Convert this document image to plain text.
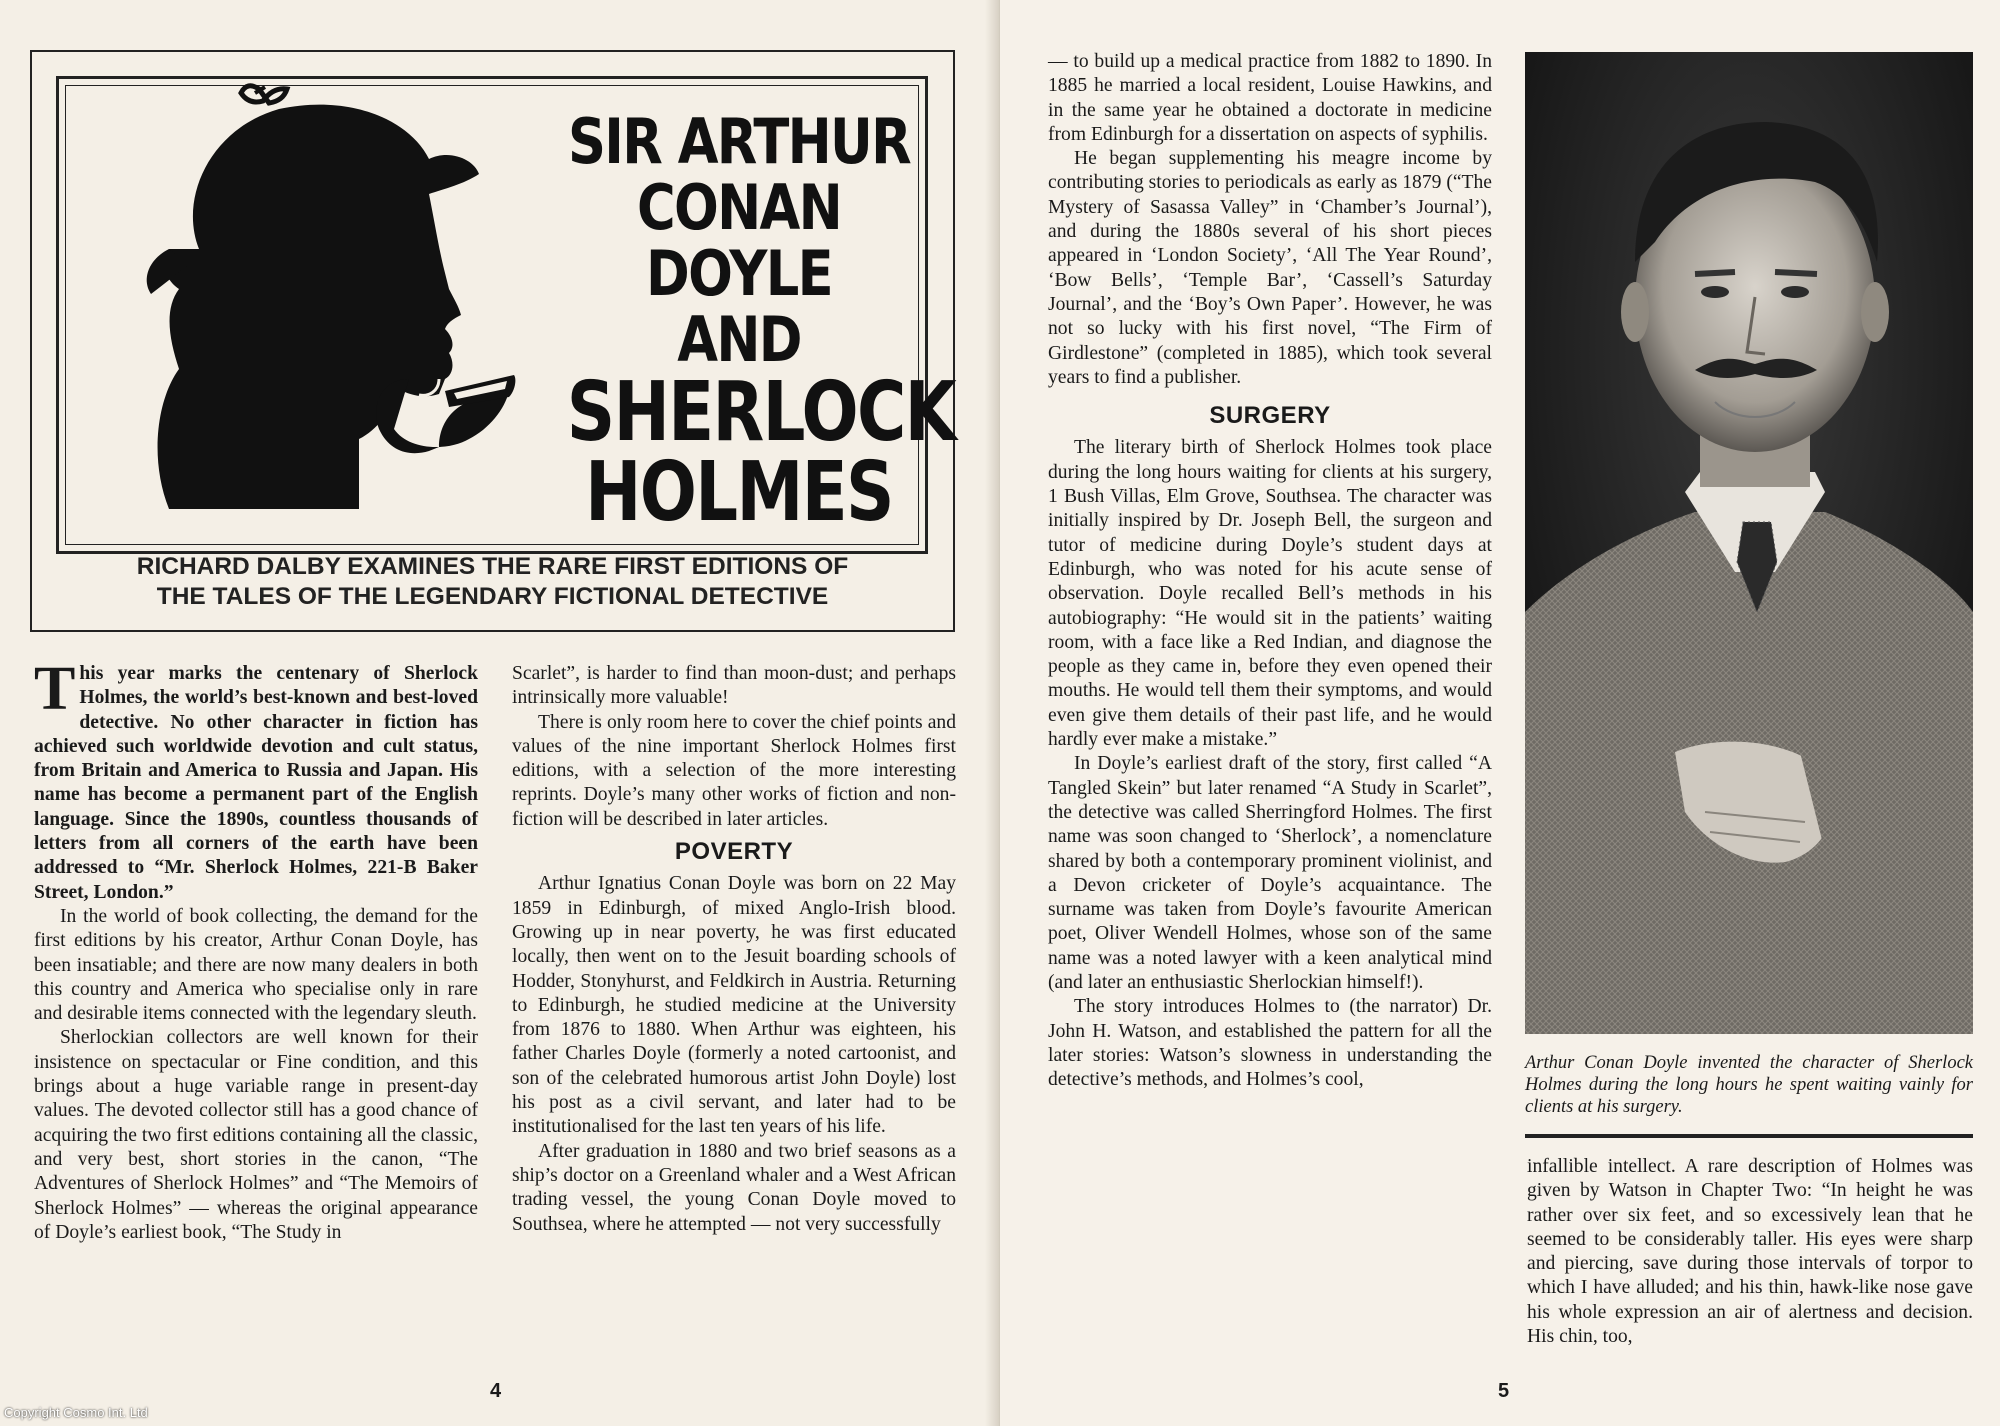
SIR ARTHUR
CONAN DOYLE
AND
SHERLOCK
HOLMES
RICHARD DALBY EXAMINES THE RARE FIRST EDITIONS OF
THE TALES OF THE LEGENDARY FICTIONAL DETECTIVE

This year marks the centenary of Sherlock Holmes, the world’s best-known and best-loved detective. No other character in fiction has achieved such worldwide devotion and cult status, from Britain and America to Russia and Japan. His name has become a permanent part of the English language. Since the 1890s, countless thousands of letters from all corners of the earth have been addressed to “Mr. Sherlock Holmes, 221-B Baker Street, London.”

In the world of book collecting, the demand for the first editions by his creator, Arthur Conan Doyle, has been insatiable; and there are now many dealers in both this country and America who specialise only in rare and desirable items connected with the legendary sleuth.

Sherlockian collectors are well known for their insistence on spectacular or Fine condition, and this brings about a huge variable range in present-day values. The devoted collector still has a good chance of acquiring the two first editions containing all the classic, and very best, short stories in the canon, “The Adventures of Sherlock Holmes” and “The Memoirs of Sherlock Holmes” — whereas the original appearance of Doyle’s earliest book, “The Study in

Scarlet”, is harder to find than moon-dust; and perhaps intrinsically more valuable!

There is only room here to cover the chief points and values of the nine important Sherlock Holmes first editions, with a selection of the more interesting reprints. Doyle’s many other works of fiction and non-fiction will be described in later articles.

POVERTY

Arthur Ignatius Conan Doyle was born on 22 May 1859 in Edinburgh, of mixed Anglo-Irish blood. Growing up in near poverty, he was first educated locally, then went on to the Jesuit boarding schools of Hodder, Stonyhurst, and Feldkirch in Austria. Returning to Edinburgh, he studied medicine at the University from 1876 to 1880. When Arthur was eighteen, his father Charles Doyle (formerly a noted cartoonist, and son of the celebrated humorous artist John Doyle) lost his post as a civil servant, and later had to be institutionalised for the last ten years of his life.

After graduation in 1880 and two brief seasons as a ship’s doctor on a Greenland whaler and a West African trading vessel, the young Conan Doyle moved to Southsea, where he attempted — not very successfully

4

— to build up a medical practice from 1882 to 1890. In 1885 he married a local resident, Louise Hawkins, and in the same year he obtained a doctorate in medicine from Edinburgh for a dissertation on aspects of syphilis.

He began supplementing his meagre income by contributing stories to periodicals as early as 1879 (“The Mystery of Sasassa Valley” in ‘Chamber’s Journal’), and during the 1880s several of his short pieces appeared in ‘London Society’, ‘All The Year Round’, ‘Bow Bells’, ‘Temple Bar’, ‘Cassell’s Saturday Journal’, and the ‘Boy’s Own Paper’. However, he was not so lucky with his first novel, “The Firm of Girdlestone” (completed in 1885), which took several years to find a publisher.

SURGERY

The literary birth of Sherlock Holmes took place during the long hours waiting for clients at his surgery, 1 Bush Villas, Elm Grove, Southsea. The character was initially inspired by Dr. Joseph Bell, the surgeon and tutor of medicine during Doyle’s student days at Edinburgh, who was noted for his acute sense of observation. Doyle recalled Bell’s methods in his autobiography: “He would sit in the patients’ waiting room, with a face like a Red Indian, and diagnose the people as they came in, before they even opened their mouths. He would tell them their symptoms, and would even give them details of their past life, and he would hardly ever make a mistake.”

In Doyle’s earliest draft of the story, first called “A Tangled Skein” but later renamed “A Study in Scarlet”, the detective was called Sherringford Holmes. The first name was soon changed to ‘Sherlock’, a nomenclature shared by both a contemporary prominent violinist, and a Devon cricketer of Doyle’s acquaintance. The surname was taken from Doyle’s favourite American poet, Oliver Wendell Holmes, whose son of the same name was a noted lawyer with a keen analytical mind (and later an enthusiastic Sherlockian himself!).

The story introduces Holmes to (the narrator) Dr. John H. Watson, and established the pattern for all the later stories: Watson’s slowness in understanding the detective’s methods, and Holmes’s cool,

Arthur Conan Doyle invented the character of Sherlock Holmes during the long hours he spent waiting vainly for clients at his surgery.

infallible intellect. A rare description of Holmes was given by Watson in Chapter Two: “In height he was rather over six feet, and so excessively lean that he seemed to be considerably taller. His eyes were sharp and piercing, save during those intervals of torpor to which I have alluded; and his thin, hawk-like nose gave his whole expression an air of alertness and decision. His chin, too,

5
Copyright Cosmo Int. Ltd
